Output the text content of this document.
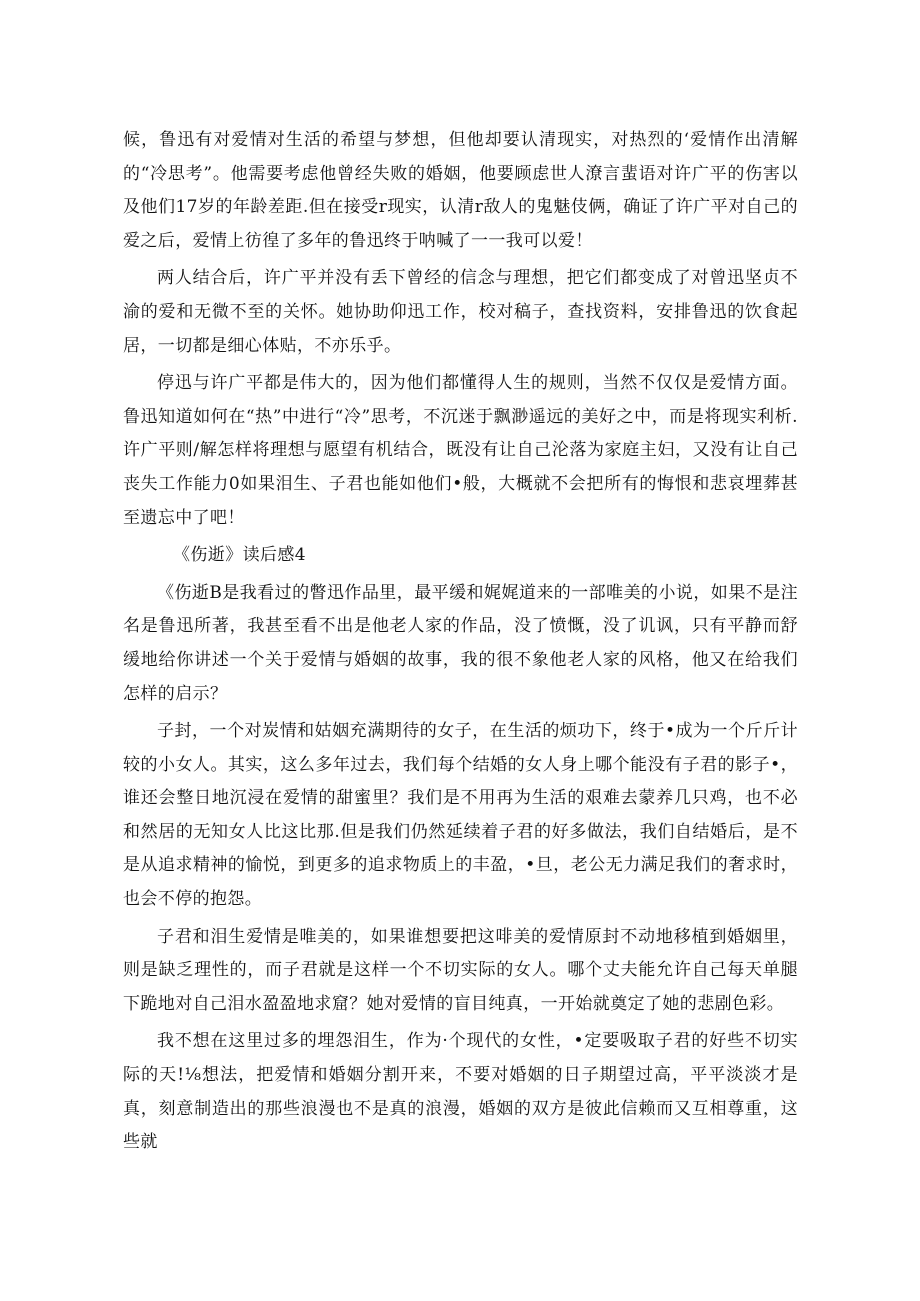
候，鲁迅有对爱情对生活的希望与梦想，但他却要认清现实，对热烈的‘爱情作出清解的“冷思考”。他需要考虑他曾经失败的婚姻，他要顾虑世人潦言蜚语对许广平的伤害以及他们17岁的年龄差距.但在接受r现实，认清r敌人的鬼魅伎俩，确证了许广平对自己的爱之后，爱情上彷徨了多年的鲁迅终于呐喊了一一我可以爱！

两人结合后，许广平并没有丢下曾经的信念与理想，把它们都变成了对曾迅坚贞不渝的爱和无微不至的关怀。她协助仰迅工作，校对稿子，查找资料，安排鲁迅的饮食起居，一切都是细心体贴，不亦乐乎。

停迅与许广平都是伟大的，因为他们都懂得人生的规则，当然不仅仅是爱情方面。鲁迅知道如何在“热”中进行“冷”思考，不沉迷于飘渺遥远的美好之中，而是将现实利析.许广平则/解怎样将理想与愿望有机结合，既没有让自己沦落为家庭主妇，又没有让自己丧失工作能力0如果泪生、子君也能如他们•般，大概就不会把所有的悔恨和悲哀埋葬甚至遗忘中了吧！

《伤逝》读后感4

《伤逝B是我看过的瞥迅作品里，最平缓和娓娓道来的一部唯美的小说，如果不是注名是鲁迅所著，我甚至看不出是他老人家的作品，没了愤慨，没了讥讽，只有平静而舒缓地给你讲述一个关于爱情与婚姻的故事，我的很不象他老人家的风格，他又在给我们怎样的启示？

子封，一个对炭情和姑姻充满期待的女子，在生活的烦功下，终于•成为一个斤斤计较的小女人。其实，这么多年过去，我们每个结婚的女人身上哪个能没有子君的影子•，谁还会整日地沉浸在爱情的甜蜜里？我们是不用再为生活的艰难去蒙养几只鸡，也不必和然居的无知女人比这比那.但是我们仍然延续着子君的好多做法，我们自结婚后，是不是从追求精神的愉悦，到更多的追求物质上的丰盈，•旦，老公无力满足我们的奢求时，也会不停的抱怨。

子君和泪生爱情是唯美的，如果谁想要把这啡美的爱情原封不动地移植到婚姻里，则是缺乏理性的，而子君就是这样一个不切实际的女人。哪个丈夫能允许自己每天单腿下跪地对自己泪水盈盈地求窟？她对爱情的盲目纯真，一开始就奠定了她的悲剧色彩。

我不想在这里过多的埋怨泪生，作为·个现代的女性，•定要吸取子君的好些不切实际的天!⅛想法，把爱情和婚姻分割开来，不要对婚姻的日子期望过高，平平淡淡才是真，刻意制造出的那些浪漫也不是真的浪漫，婚姻的双方是彼此信赖而又互相尊重，这些就
